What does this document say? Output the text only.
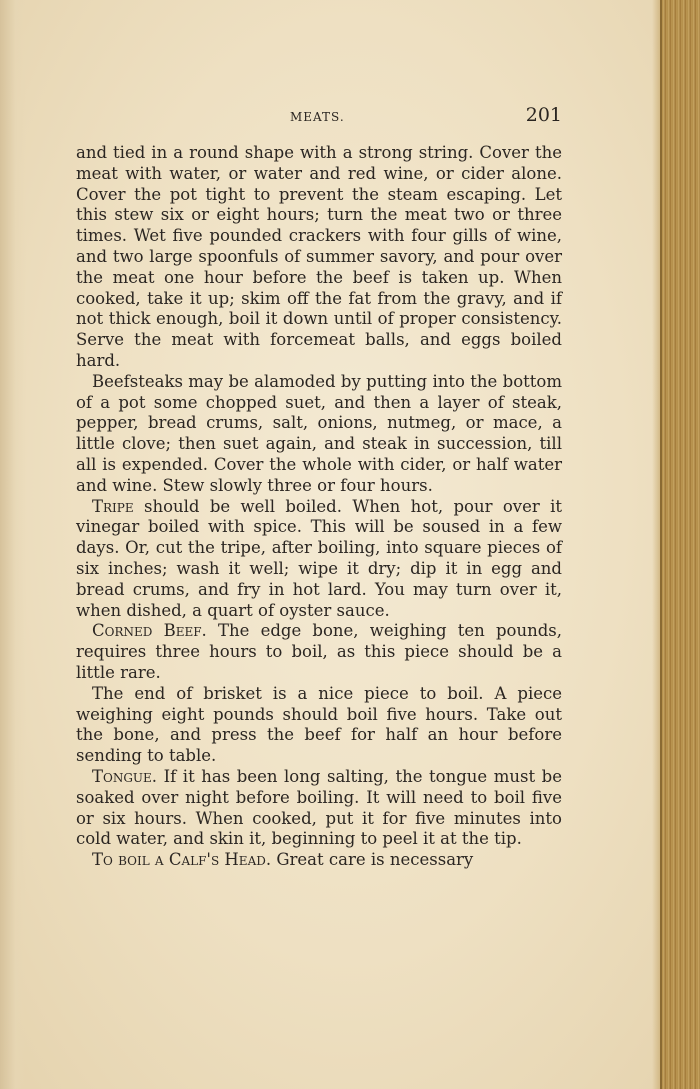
MEATS.	201

and tied in a round shape with a strong string. Cover the meat with water, or water and red wine, or cider alone. Cover the pot tight to prevent the steam escaping. Let this stew six or eight hours; turn the meat two or three times. Wet five pounded crackers with four gills of wine, and two large spoonfuls of summer savory, and pour over the meat one hour before the beef is taken up. When cooked, take it up; skim off the fat from the gravy, and if not thick enough, boil it down until of proper consistency. Serve the meat with forcemeat balls, and eggs boiled hard.

Beefsteaks may be alamoded by putting into the bottom of a pot some chopped suet, and then a layer of steak, pepper, bread crums, salt, onions, nutmeg, or mace, a little clove; then suet again, and steak in succession, till all is expended. Cover the whole with cider, or half water and wine. Stew slowly three or four hours.

Tripe should be well boiled. When hot, pour over it vinegar boiled with spice. This will be soused in a few days. Or, cut the tripe, after boiling, into square pieces of six inches; wash it well; wipe it dry; dip it in egg and bread crums, and fry in hot lard. You may turn over it, when dished, a quart of oyster sauce.

Corned Beef. The edge bone, weighing ten pounds, requires three hours to boil, as this piece should be a little rare.

The end of brisket is a nice piece to boil. A piece weighing eight pounds should boil five hours. Take out the bone, and press the beef for half an hour before sending to table.

Tongue. If it has been long salting, the tongue must be soaked over night before boiling. It will need to boil five or six hours. When cooked, put it for five minutes into cold water, and skin it, beginning to peel it at the tip.

To boil a Calf's Head. Great care is necessary
